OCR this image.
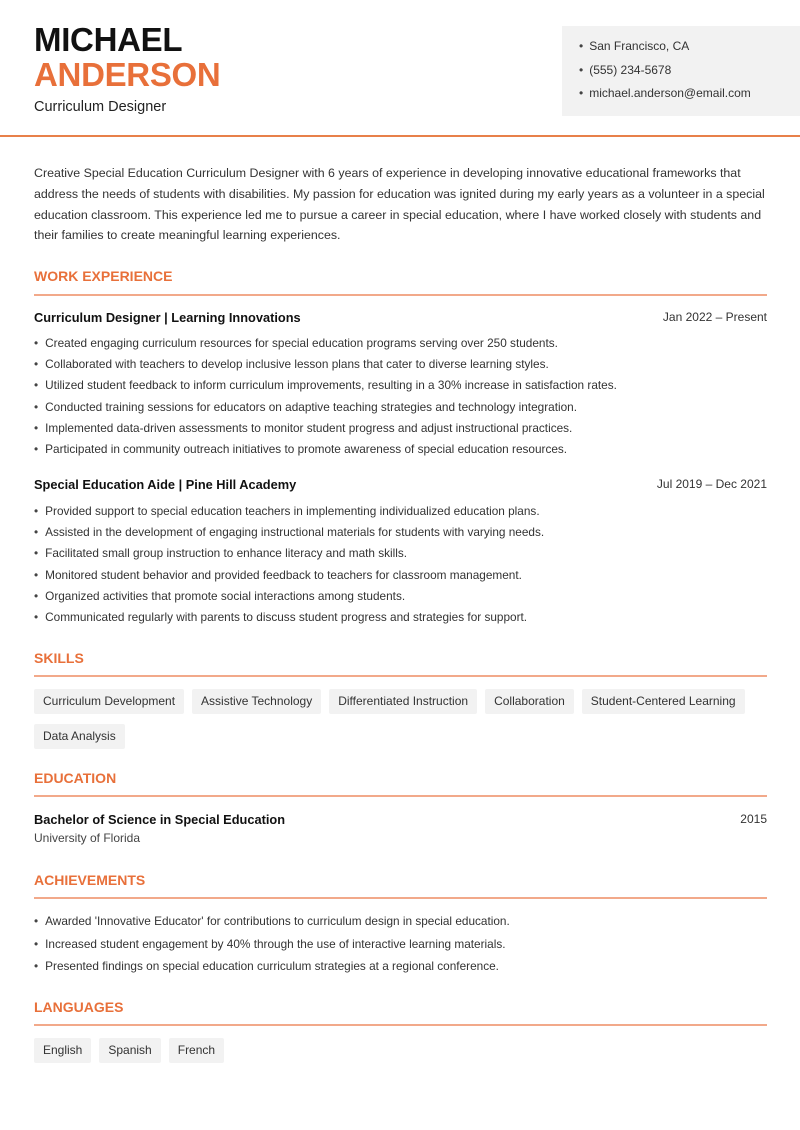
MICHAEL
ANDERSON
Curriculum Designer
• San Francisco, CA
• (555) 234-5678
• michael.anderson@email.com

Creative Special Education Curriculum Designer with 6 years of experience in developing innovative educational frameworks that address the needs of students with disabilities. My passion for education was ignited during my early years as a volunteer in a special education classroom. This experience led me to pursue a career in special education, where I have worked closely with students and their families to create meaningful learning experiences.

WORK EXPERIENCE
Curriculum Designer | Learning Innovations	Jan 2022 – Present
• Created engaging curriculum resources for special education programs serving over 250 students.
• Collaborated with teachers to develop inclusive lesson plans that cater to diverse learning styles.
• Utilized student feedback to inform curriculum improvements, resulting in a 30% increase in satisfaction rates.
• Conducted training sessions for educators on adaptive teaching strategies and technology integration.
• Implemented data-driven assessments to monitor student progress and adjust instructional practices.
• Participated in community outreach initiatives to promote awareness of special education resources.
Special Education Aide | Pine Hill Academy	Jul 2019 – Dec 2021
• Provided support to special education teachers in implementing individualized education plans.
• Assisted in the development of engaging instructional materials for students with varying needs.
• Facilitated small group instruction to enhance literacy and math skills.
• Monitored student behavior and provided feedback to teachers for classroom management.
• Organized activities that promote social interactions among students.
• Communicated regularly with parents to discuss student progress and strategies for support.
SKILLS
Curriculum Development	Assistive Technology	Differentiated Instruction	Collaboration	Student-Centered Learning
Data Analysis
EDUCATION
Bachelor of Science in Special Education	2015
University of Florida
ACHIEVEMENTS
• Awarded 'Innovative Educator' for contributions to curriculum design in special education.
• Increased student engagement by 40% through the use of interactive learning materials.
• Presented findings on special education curriculum strategies at a regional conference.
LANGUAGES
English	Spanish	French
